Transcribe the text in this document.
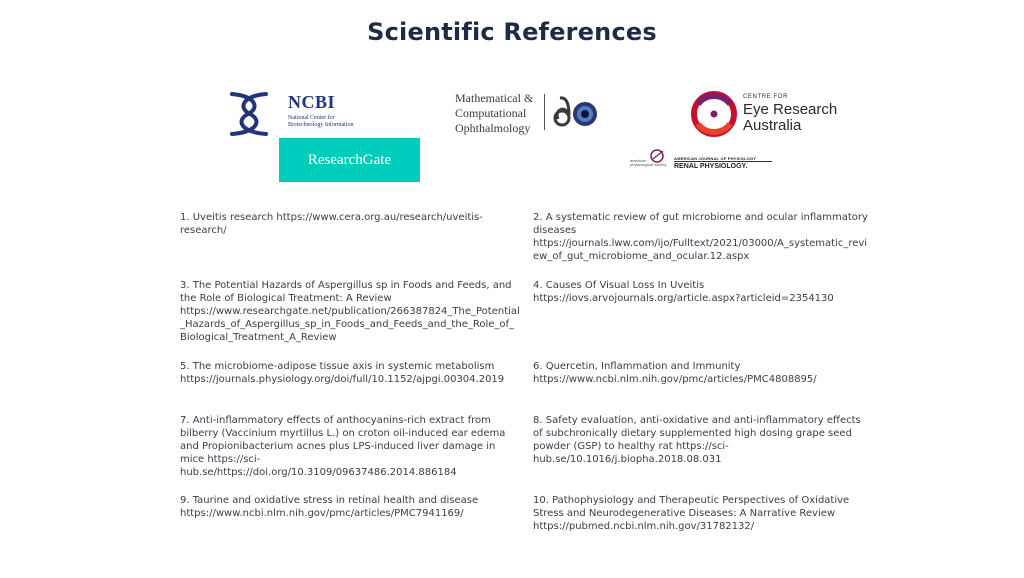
Scientific References
NCBI
National Center for Biotechnology Information
ResearchGate
Mathematical &
Computational
Ophthalmology
CENTRE FOR
Eye Research
Australia
american physiological society
AMERICAN JOURNAL OF PHYSIOLOGY
RENAL PHYSIOLOGY.
1. Uveitis research https://www.cera.org.au/research/uveitis-research/
2. A systematic review of gut microbiome and ocular inflammatory diseases https://journals.lww.com/ijo/Fulltext/2021/03000/A_systematic_review_of_gut_microbiome_and_ocular.12.aspx
3. The Potential Hazards of Aspergillus sp in Foods and Feeds, and the Role of Biological Treatment: A Review https://www.researchgate.net/publication/266387824_The_Potential_Hazards_of_Aspergillus_sp_in_Foods_and_Feeds_and_the_Role_of_Biological_Treatment_A_Review
4. Causes Of Visual Loss In Uveitis https://iovs.arvojournals.org/article.aspx?articleid=2354130
5. The microbiome-adipose tissue axis in systemic metabolism https://journals.physiology.org/doi/full/10.1152/ajpgi.00304.2019
6. Quercetin, Inflammation and Immunity https://www.ncbi.nlm.nih.gov/pmc/articles/PMC4808895/
7. Anti-inflammatory effects of anthocyanins-rich extract from bilberry (Vaccinium myrtillus L.) on croton oil-induced ear edema and Propionibacterium acnes plus LPS-induced liver damage in mice https://sci-hub.se/https://doi.org/10.3109/09637486.2014.886184
8. Safety evaluation, anti-oxidative and anti-inflammatory effects of subchronically dietary supplemented high dosing grape seed powder (GSP) to healthy rat https://sci-hub.se/10.1016/j.biopha.2018.08.031
9. Taurine and oxidative stress in retinal health and disease https://www.ncbi.nlm.nih.gov/pmc/articles/PMC7941169/
10. Pathophysiology and Therapeutic Perspectives of Oxidative Stress and Neurodegenerative Diseases: A Narrative Review https://pubmed.ncbi.nlm.nih.gov/31782132/
